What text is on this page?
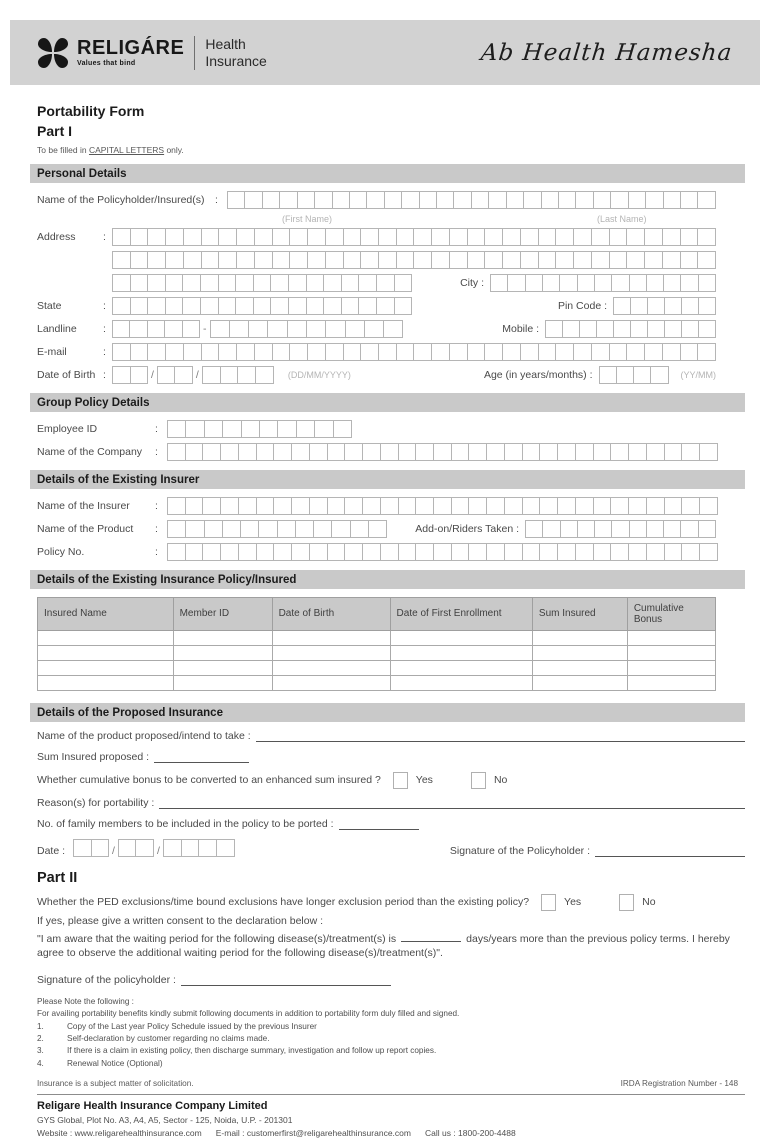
RELIGÁRE
Values that bind
Health
Insurance	Ab Health Hamesha
Portability Form
Part I
To be filled in CAPITAL LETTERS only.
Personal Details
Name of the Policyholder/Insured(s)	:
(First Name)	(Last Name)
Address	:
City :
State	:	Pin Code :
Landline	:	-	Mobile :
E-mail	:
Date of Birth :	/	/	(DD/MM/YYYY)	Age (in years/months) :	(YY/MM)
Group Policy Details
Employee ID	:
Name of the Company	:
Details of the Existing Insurer
Name of the Insurer	:
Name of the Product	:	Add-on/Riders Taken :
Policy No.	:
Details of the Existing Insurance Policy/Insured
Insured Name	Member ID	Date of Birth	Date of First Enrollment	Sum Insured	Cumulative Bonus

Details of the Proposed Insurance
Name of the product proposed/intend to take :
Sum Insured proposed :
Whether cumulative bonus to be converted to an enhanced sum insured ?	Yes	No
Reason(s) for portability :
No. of family members to be included in the policy to be ported :
Date :	/	/	Signature of the Policyholder :
Part II
Whether the PED exclusions/time bound exclusions have longer exclusion period than the existing policy?	Yes	No
If yes, please give a written consent to the declaration below :
"I am aware that the waiting period for the following disease(s)/treatment(s) is	days/years more than the previous policy terms. I hereby agree to observe the additional waiting period for the following disease(s)/treatment(s)".
Signature of the policyholder :
Please Note the following :
For availing portability benefits kindly submit following documents in addition to portability form duly filled and signed.
1.	Copy of the Last year Policy Schedule issued by the previous Insurer
2.	Self-declaration by customer regarding no claims made.
3.	If there is a claim in existing policy, then discharge summary, investigation and follow up report copies.
4.	Renewal Notice (Optional)
Insurance is a subject matter of solicitation.	IRDA Registration Number - 148
Religare Health Insurance Company Limited
GYS Global, Plot No. A3, A4, A5, Sector - 125, Noida, U.P. - 201301
Website : www.religarehealthinsurance.com E-mail : customerfirst@religarehealthinsurance.com Call us : 1800-200-4488
